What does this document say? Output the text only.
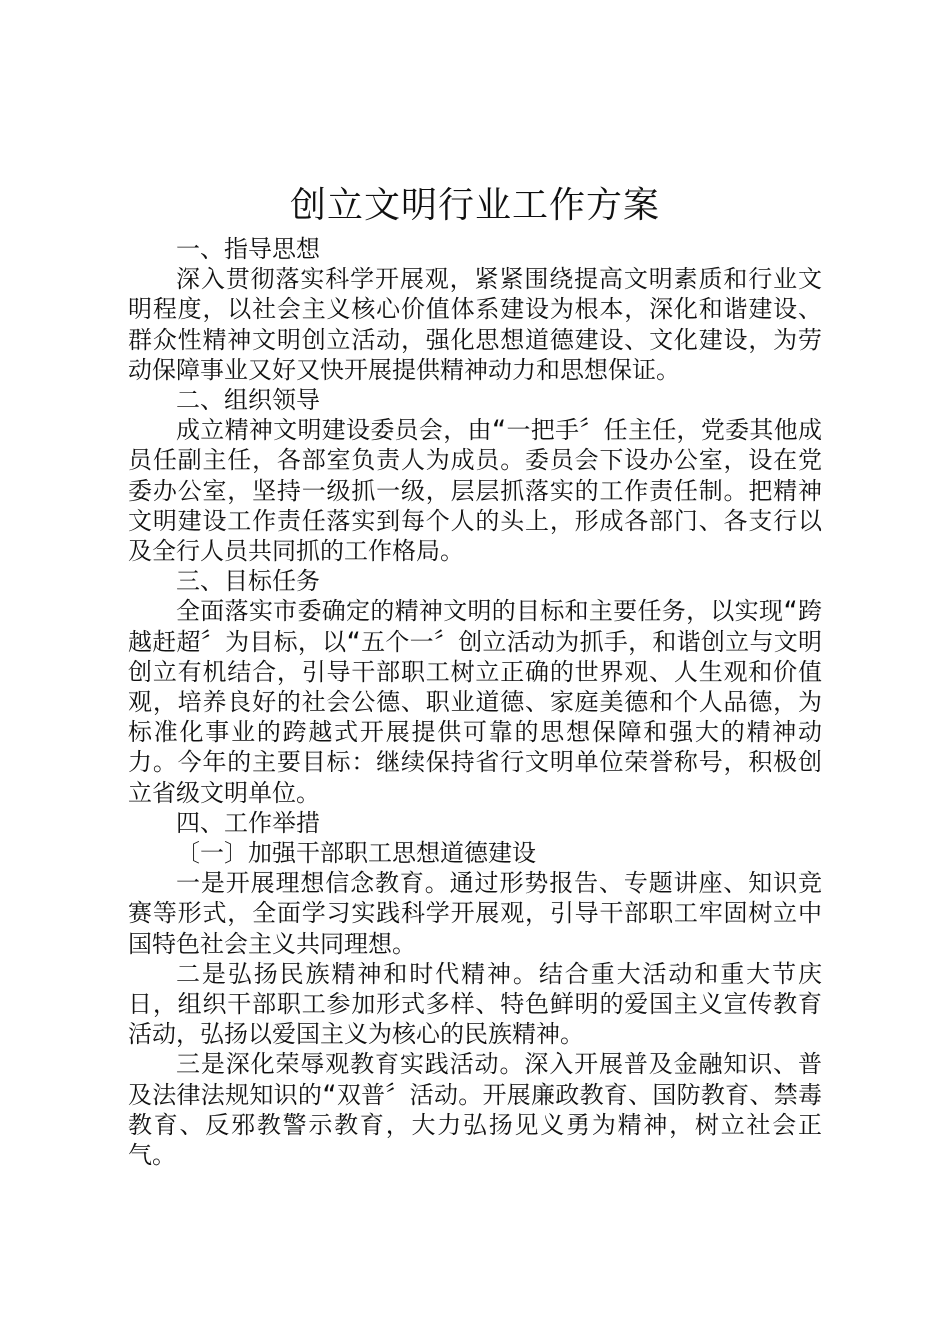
创立文明行业工作方案

一、指导思想

深入贯彻落实科学开展观，紧紧围绕提高文明素质和行业文明程度，以社会主义核心价值体系建设为根本，深化和谐建设、群众性精神文明创立活动，强化思想道德建设、文化建设，为劳动保障事业又好又快开展提供精神动力和思想保证。

二、组织领导

成立精神文明建设委员会，由“一把手〞任主任，党委其他成员任副主任，各部室负责人为成员。委员会下设办公室，设在党委办公室，坚持一级抓一级，层层抓落实的工作责任制。把精神文明建设工作责任落实到每个人的头上，形成各部门、各支行以及全行人员共同抓的工作格局。

三、目标任务

全面落实市委确定的精神文明的目标和主要任务，以实现“跨越赶超〞为目标，以“五个一〞创立活动为抓手，和谐创立与文明创立有机结合，引导干部职工树立正确的世界观、人生观和价值观，培养良好的社会公德、职业道德、家庭美德和个人品德，为标准化事业的跨越式开展提供可靠的思想保障和强大的精神动力。今年的主要目标：继续保持省行文明单位荣誉称号，积极创立省级文明单位。

四、工作举措

〔一〕加强干部职工思想道德建设

一是开展理想信念教育。通过形势报告、专题讲座、知识竞赛等形式，全面学习实践科学开展观，引导干部职工牢固树立中国特色社会主义共同理想。

二是弘扬民族精神和时代精神。结合重大活动和重大节庆日，组织干部职工参加形式多样、特色鲜明的爱国主义宣传教育活动，弘扬以爱国主义为核心的民族精神。

三是深化荣辱观教育实践活动。深入开展普及金融知识、普及法律法规知识的“双普〞活动。开展廉政教育、国防教育、禁毒教育、反邪教警示教育，大力弘扬见义勇为精神，树立社会正气。
